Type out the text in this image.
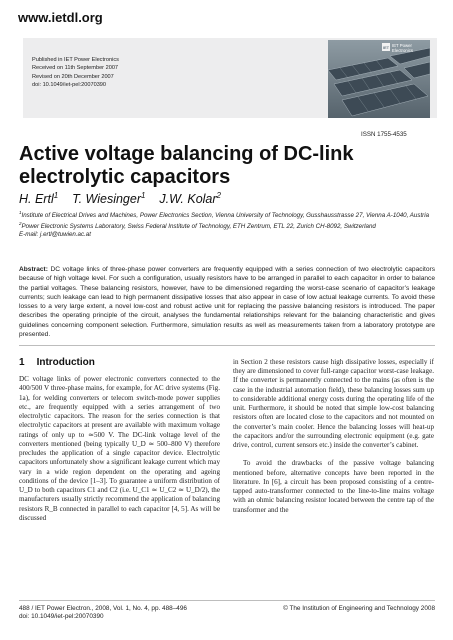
www.ietdl.org
Published in IET Power Electronics
Received on 11th September 2007
Revised on 20th December 2007
doi: 10.1049/iet-pel:20070390
IET IET Power
Electronics
ISSN 1755-4535
Active voltage balancing of DC-link electrolytic capacitors
H. Ertl$^1$ T. Wiesinger$^1$ J.W. Kolar$^2$
$^1$Institute of Electrical Drives and Machines, Power Electronics Section, Vienna University of Technology, Gusshausstrasse 27, Vienna A-1040, Austria
$^2$Power Electronic Systems Laboratory, Swiss Federal Institute of Technology, ETH Zentrum, ETL 22, Zurich CH-8092, Switzerland
E-mail: j.ertl@tuwien.ac.at
Abstract: DC voltage links of three-phase power converters are frequently equipped with a series connection of two electrolytic capacitors because of high voltage level. For such a configuration, usually resistors have to be arranged in parallel to each capacitor in order to balance the partial voltages. These balancing resistors, however, have to be dimensioned regarding the worst-case scenario of capacitor’s leakage currents; such leakage can lead to high permanent dissipative losses that also appear in case of low actual leakage currents. To avoid these losses to a very large extent, a novel low-cost and robust active unit for replacing the passive balancing resistors is introduced. The paper describes the operating principle of the circuit, analyses the fundamental relationships relevant for the balancing characteristic and gives guidelines concerning component selection. Furthermore, simulation results as well as measurements taken from a laboratory prototype are presented.
1 Introduction
DC voltage links of power electronic converters connected to the 400/500 V three-phase mains, for example, for AC drive systems (Fig. 1a), for welding converters or telecom switch-mode power supplies etc., are frequently equipped with a series arrangement of two electrolytic capacitors. The reason for the series connection is that electrolytic capacitors at present are available with maximum voltage ratings of only up to ≃500 V. The DC-link voltage level of the converters mentioned (being typically U_D ≃ 500–800 V) therefore precludes the application of a single capacitor device. Electrolytic capacitors unfortunately show a significant leakage current which may vary in a wide region dependent on the operating and ageing conditions of the device [1–3]. To guarantee a uniform distribution of U_D to both capacitors C1 and C2 (i.e. U_C1 ≃ U_C2 ≃ U_D/2), the manufacturers usually strictly recommend the application of balancing resistors R_B connected in parallel to each capacitor [4, 5]. As will be discussed
in Section 2 these resistors cause high dissipative losses, especially if they are dimensioned to cover full-range capacitor worst-case leakage. If the converter is permanently connected to the mains (as often is the case in the industrial automation field), these balancing losses sum up to considerable additional energy costs during the operating life of the unit. Furthermore, it should be noted that simple low-cost balancing resistors often are located close to the capacitors and not mounted on the converter’s main cooler. Hence the balancing losses will heat-up the capacitors and/or the surrounding electronic equipment (e.g. gate drive, control, current sensors etc.) inside the converter’s cabinet.
To avoid the drawbacks of the passive voltage balancing mentioned before, alternative concepts have been reported in the literature. In [6], a circuit has been proposed consisting of a centre-tapped auto-transformer connected to the line-to-line mains voltage with an ohmic balancing resistor located between the centre tap of the transformer and the
488 / IET Power Electron., 2008, Vol. 1, No. 4, pp. 488–496
doi: 10.1049/iet-pel:20070390
© The Institution of Engineering and Technology 2008
